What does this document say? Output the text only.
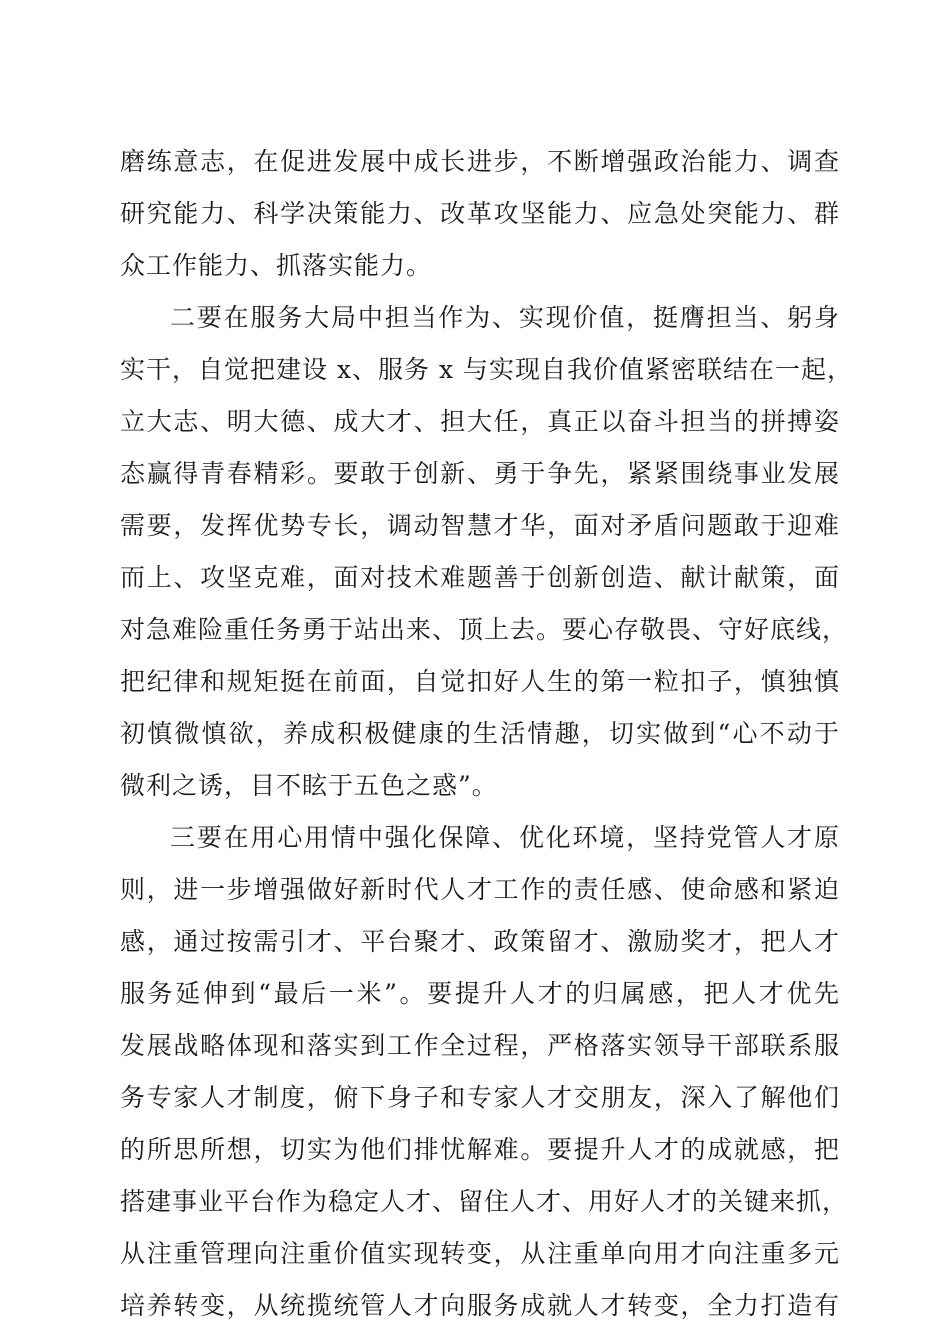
磨练意志，在促进发展中成长进步，不断增强政治能力、调查
研究能力、科学决策能力、改革攻坚能力、应急处突能力、群
众工作能力、抓落实能力。
二要在服务大局中担当作为、实现价值，挺膺担当、躬身
实干，自觉把建设 x、服务 x 与实现自我价值紧密联结在一起，
立大志、明大德、成大才、担大任，真正以奋斗担当的拼搏姿
态赢得青春精彩。要敢于创新、勇于争先，紧紧围绕事业发展
需要，发挥优势专长，调动智慧才华，面对矛盾问题敢于迎难
而上、攻坚克难，面对技术难题善于创新创造、献计献策，面
对急难险重任务勇于站出来、顶上去。要心存敬畏、守好底线，
把纪律和规矩挺在前面，自觉扣好人生的第一粒扣子，慎独慎
初慎微慎欲，养成积极健康的生活情趣，切实做到“心不动于
微利之诱，目不眩于五色之惑”。
三要在用心用情中强化保障、优化环境，坚持党管人才原
则，进一步增强做好新时代人才工作的责任感、使命感和紧迫
感，通过按需引才、平台聚才、政策留才、激励奖才，把人才
服务延伸到“最后一米”。要提升人才的归属感，把人才优先
发展战略体现和落实到工作全过程，严格落实领导干部联系服
务专家人才制度，俯下身子和专家人才交朋友，深入了解他们
的所思所想，切实为他们排忧解难。要提升人才的成就感，把
搭建事业平台作为稳定人才、留住人才、用好人才的关键来抓，
从注重管理向注重价值实现转变，从注重单向用才向注重多元
培养转变，从统揽统管人才向服务成就人才转变，全力打造有
